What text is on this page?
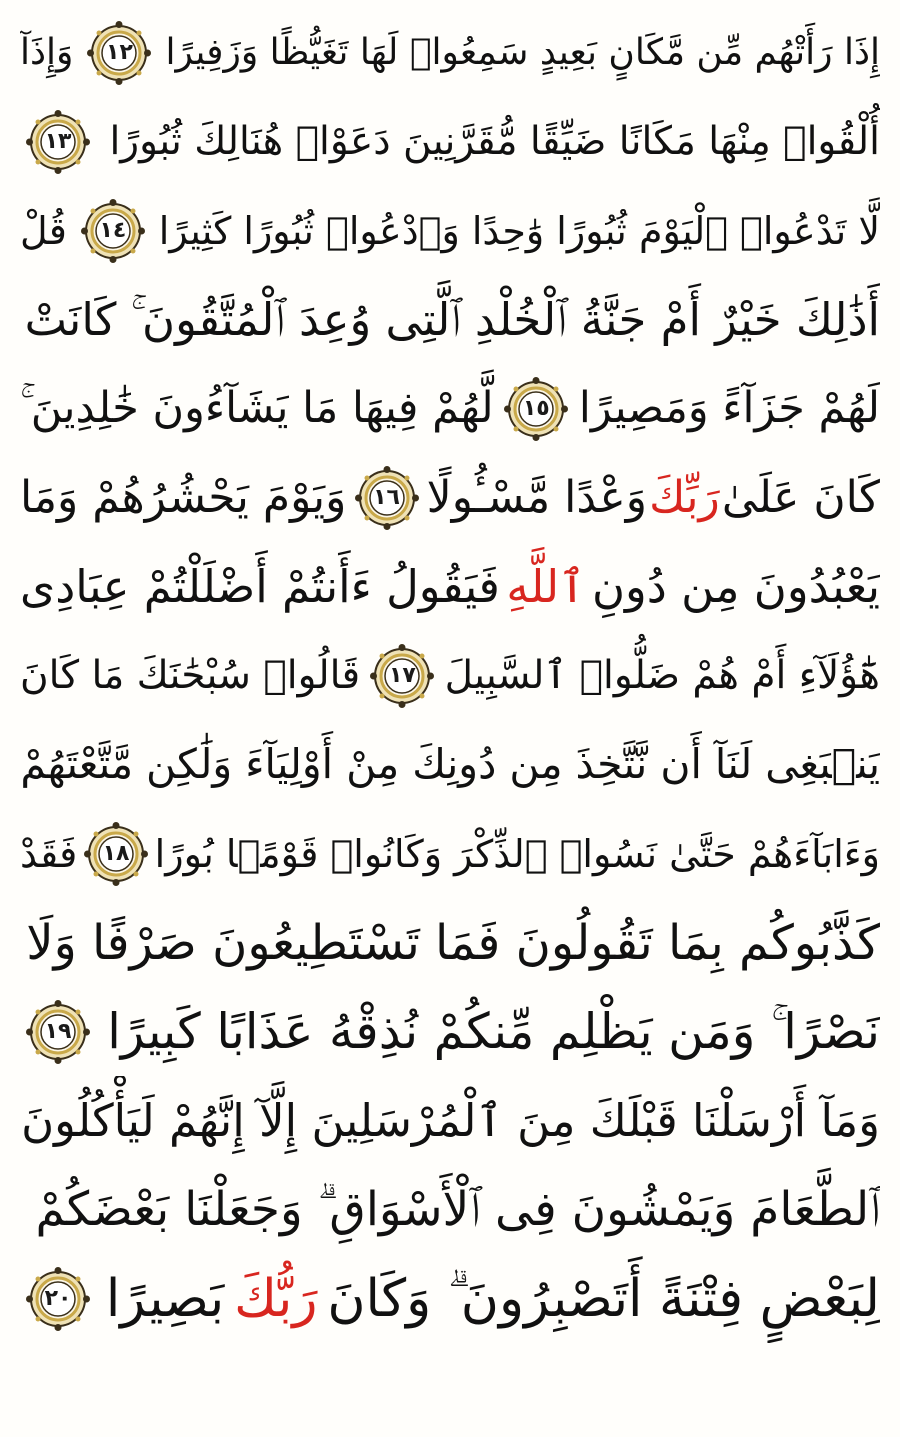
إِذَا رَأَتْهُم مِّن مَّكَانٍ بَعِيدٍ سَمِعُوا۟ لَهَا تَغَيُّظًا وَزَفِيرًا
١٢
وَإِذَآ
أُلْقُوا۟ مِنْهَا مَكَانًا ضَيِّقًا مُّقَرَّنِينَ دَعَوْا۟ هُنَالِكَ ثُبُورًا
١٣
لَّا تَدْعُوا۟ ٱلْيَوْمَ ثُبُورًا وَٰحِدًا وَٱدْعُوا۟ ثُبُورًا كَثِيرًا
١٤
قُلْ
أَذَٰلِكَ خَيْرٌ أَمْ جَنَّةُ ٱلْخُلْدِ ٱلَّتِى وُعِدَ ٱلْمُتَّقُونَ ۚ كَانَتْ
لَهُمْ جَزَآءً وَمَصِيرًا
١٥
لَّهُمْ فِيهَا مَا يَشَآءُونَ خَٰلِدِينَ ۚ
كَانَ عَلَىٰ
رَبِّكَ
وَعْدًا مَّسْـُٔولًا
١٦
وَيَوْمَ يَحْشُرُهُمْ وَمَا
يَعْبُدُونَ مِن دُونِ
ٱللَّهِ
فَيَقُولُ ءَأَنتُمْ أَضْلَلْتُمْ عِبَادِى
هَٰٓؤُلَآءِ أَمْ هُمْ ضَلُّوا۟ ٱلسَّبِيلَ
١٧
قَالُوا۟ سُبْحَٰنَكَ مَا كَانَ
يَنۢبَغِى لَنَآ أَن نَّتَّخِذَ مِن دُونِكَ مِنْ أَوْلِيَآءَ وَلَٰكِن مَّتَّعْتَهُمْ
وَءَابَآءَهُمْ حَتَّىٰ نَسُوا۟ ٱلذِّكْرَ وَكَانُوا۟ قَوْمًۢا بُورًا
١٨
فَقَدْ
كَذَّبُوكُم بِمَا تَقُولُونَ فَمَا تَسْتَطِيعُونَ صَرْفًا وَلَا
نَصْرًا ۚ وَمَن يَظْلِم مِّنكُمْ نُذِقْهُ عَذَابًا كَبِيرًا
١٩
وَمَآ أَرْسَلْنَا قَبْلَكَ مِنَ ٱلْمُرْسَلِينَ إِلَّآ إِنَّهُمْ لَيَأْكُلُونَ
ٱلطَّعَامَ وَيَمْشُونَ فِى ٱلْأَسْوَاقِ ۗ وَجَعَلْنَا بَعْضَكُمْ
لِبَعْضٍ فِتْنَةً أَتَصْبِرُونَ ۗ وَكَانَ
رَبُّكَ
بَصِيرًا
٢٠
